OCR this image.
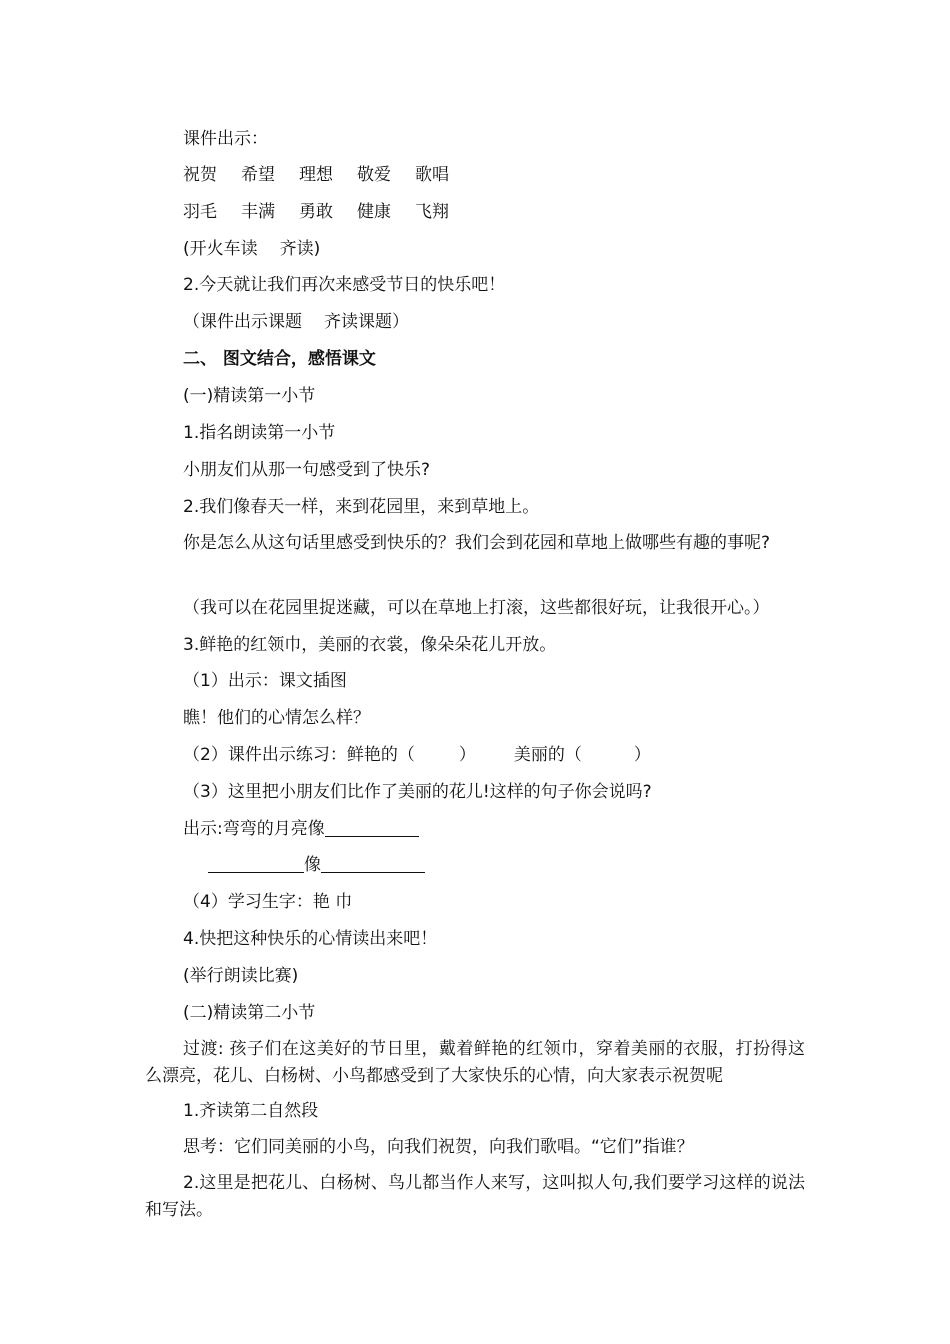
课件出示：
祝贺 希望 理想 敬爱 歌唱
羽毛 丰满 勇敢 健康 飞翔
(开火车读 齐读)
2.今天就让我们再次来感受节日的快乐吧！
（课件出示课题 齐读课题）
二、 图文结合，感悟课文
(一)精读第一小节
1.指名朗读第一小节
小朋友们从那一句感受到了快乐?
2.我们像春天一样，来到花园里，来到草地上。
你是怎么从这句话里感受到快乐的？我们会到花园和草地上做哪些有趣的事呢?
（我可以在花园里捉迷藏，可以在草地上打滚，这些都很好玩，让我很开心。）
3.鲜艳的红领巾，美丽的衣裳，像朵朵花儿开放。
（1）出示：课文插图
瞧！他们的心情怎么样？
（2）课件出示练习：鲜艳的（	） 美丽的（	）
（3）这里把小朋友们比作了美丽的花儿!这样的句子你会说吗?
出示:弯弯的月亮像
像
（4）学习生字：艳 巾
4.快把这种快乐的心情读出来吧！
(举行朗读比赛)
(二)精读第二小节
过渡: 孩子们在这美好的节日里，戴着鲜艳的红领巾，穿着美丽的衣服，打扮得这么漂亮，花儿、白杨树、小鸟都感受到了大家快乐的心情，向大家表示祝贺呢
1.齐读第二自然段
思考：它们同美丽的小鸟，向我们祝贺，向我们歌唱。“它们”指谁？
2.这里是把花儿、白杨树、鸟儿都当作人来写，这叫拟人句,我们要学习这样的说法和写法。
